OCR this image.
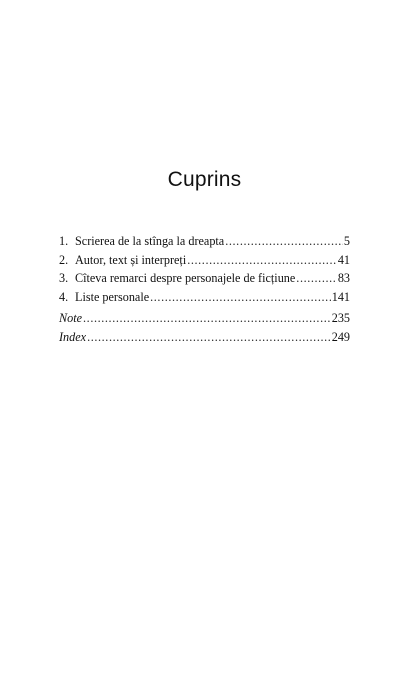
Cuprins
1. Scrierea de la stînga la dreapta .....	5
2. Autor, text și interpreți .....	41
3. Cîteva remarci despre personajele de ficțiune .....	83
4. Liste personale .....	141
Note .....	235
Index .....	249
